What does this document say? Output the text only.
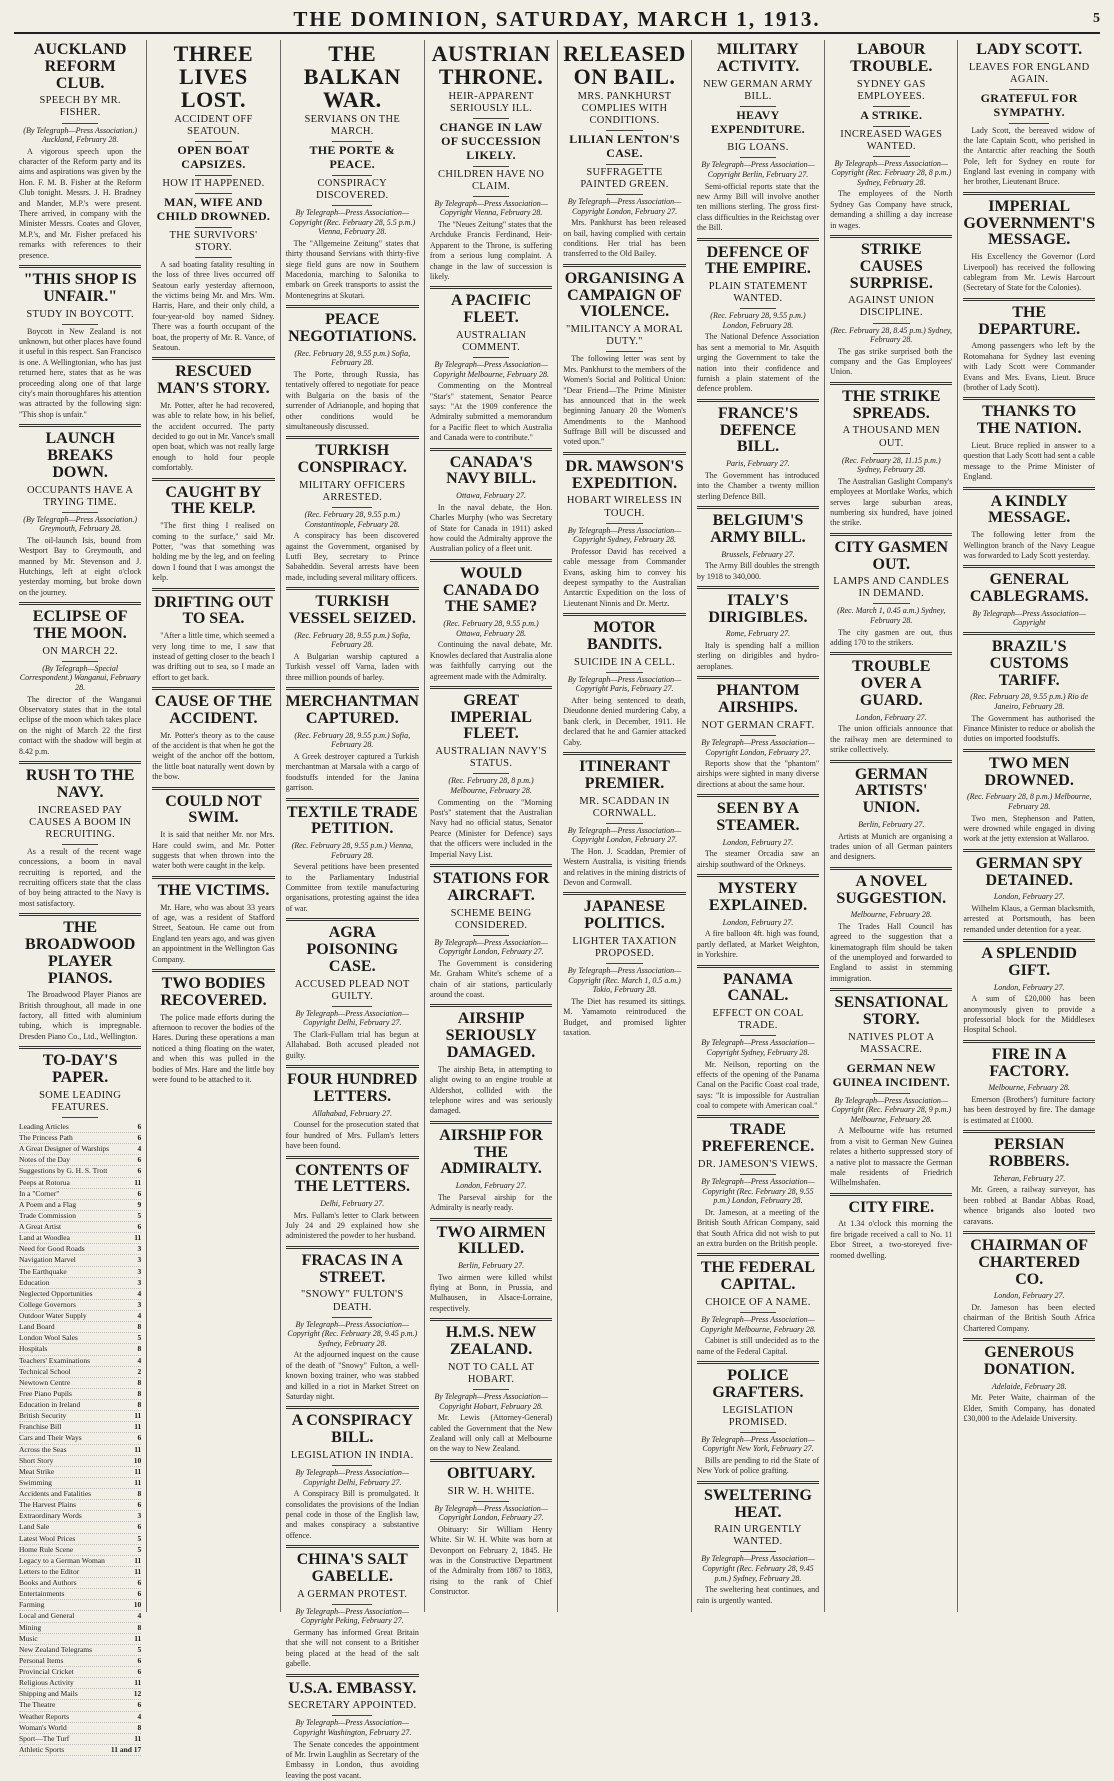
THE DOMINION, SATURDAY, MARCH 1, 1913.	5
AUCKLAND REFORM CLUB.
SPEECH BY MR. FISHER.
(By Telegraph—Press Association.) Auckland, February 28.

A vigorous speech upon the character of the Reform party and its aims and aspirations was given by the Hon. F. M. B. Fisher at the Reform Club tonight. Messrs. J. H. Bradney and Mander, M.P.'s were present. There arrived, in company with the Minister Messrs. Coates and Glover, M.P.'s, and Mr. Fisher prefaced his remarks with references to their presence.

"THIS SHOP IS UNFAIR."
STUDY IN BOYCOTT.

Boycott in New Zealand is not unknown, but other places have found it useful in this respect. San Francisco is one. A Wellingtonian, who has just returned here, states that as he was proceeding along one of that large city's main thoroughfares his attention was attracted by the following sign: "This shop is unfair."

LAUNCH BREAKS DOWN.
OCCUPANTS HAVE A TRYING TIME.
(By Telegraph—Press Association.) Greymouth, February 28.

The oil-launch Isis, bound from Westport Bay to Greymouth, and manned by Mr. Stevenson and J. Hutchings, left at eight o'clock yesterday morning, but broke down on the journey.

ECLIPSE OF THE MOON.
ON MARCH 22.
(By Telegraph—Special Correspondent.) Wanganui, February 28.

The director of the Wanganui Observatory states that in the total eclipse of the moon which takes place on the night of March 22 the first contact with the shadow will begin at 8.42 p.m.

RUSH TO THE NAVY.
INCREASED PAY CAUSES A BOOM IN RECRUITING.

As a result of the recent wage concessions, a boom in naval recruiting is reported, and the recruiting officers state that the class of boy being attracted to the Navy is most satisfactory.

THE BROADWOOD PLAYER PIANOS.

The Broadwood Player Pianos are British throughout, all made in one factory, all fitted with aluminium tubing, which is impregnable. Dresden Piano Co., Ltd., Wellington.

TO-DAY'S PAPER.
SOME LEADING FEATURES.
Leading Articles	6
The Princess Path	6
A Great Designer of Warships	4
Notes of the Day	6
Suggestions by G. H. S. Trott	6
Peeps at Rotorua	11
In a "Corner"	6
A Poem and a Flag	9
Trade Commission	5
A Great Artist	6
Land at Woodlea	11
Need for Good Roads	3
Navigation Marvel	3
The Earthquake	3
Education	3
Neglected Opportunities	4
College Governors	3
Outdoor Water Supply	4
Land Board	8
London Wool Sales	5
Hospitals	8
Teachers' Examinations	4
Technical School	2
Newtown Centre	8
Free Piano Pupils	8
Education in Ireland	8
British Security	11
Franchise Bill	11
Cars and Their Ways	6
Across the Seas	11
Short Story	10
Meat Strike	11
Swimming	11
Accidents and Fatalities	8
The Harvest Plains	6
Extraordinary Words	3
Land Sale	6
Latest Wool Prices	5
Home Rule Scene	5
Legacy to a German Woman	11
Letters to the Editor	11
Books and Authors	6
Entertainments	6
Farming	10
Local and General	4
Mining	8
Music	11
New Zealand Telegrams	5
Personal Items	6
Provincial Cricket	6
Religious Activity	11
Shipping and Mails	12
The Theatre	6
Weather Reports	4
Woman's World	8
Sport—The Turf	11
Athletic Sports	11 and 17
THREE LIVES LOST.
ACCIDENT OFF SEATOUN.
OPEN BOAT CAPSIZES.
HOW IT HAPPENED.
MAN, WIFE AND CHILD DROWNED.
THE SURVIVORS' STORY.

A sad boating fatality resulting in the loss of three lives occurred off Seatoun early yesterday afternoon, the victims being Mr. and Mrs. Wm. Harris, Hare, and their only child, a four-year-old boy named Sidney. There was a fourth occupant of the boat, the property of Mr. R. Vance, of Seatoun.

RESCUED MAN'S STORY.

Mr. Potter, after he had recovered, was able to relate how, in his belief, the accident occurred. The party decided to go out in Mr. Vance's small open boat, which was not really large enough to hold four people comfortably.

CAUGHT BY THE KELP.

"The first thing I realised on coming to the surface," said Mr. Potter, "was that something was holding me by the leg, and on feeling down I found that I was amongst the kelp.

DRIFTING OUT TO SEA.

"After a little time, which seemed a very long time to me, I saw that instead of getting closer to the beach I was drifting out to sea, so I made an effort to get back.

CAUSE OF THE ACCIDENT.

Mr. Potter's theory as to the cause of the accident is that when he got the weight of the anchor off the bottom, the little boat naturally went down by the bow.

COULD NOT SWIM.

It is said that neither Mr. nor Mrs. Hare could swim, and Mr. Potter suggests that when thrown into the water both were caught in the kelp.

THE VICTIMS.

Mr. Hare, who was about 33 years of age, was a resident of Stafford Street, Seatoun. He came out from England ten years ago, and was given an appointment in the Wellington Gas Company.

TWO BODIES RECOVERED.

The police made efforts during the afternoon to recover the bodies of the Hares. During these operations a man noticed a thing floating on the water, and when this was pulled in the bodies of Mrs. Hare and the little boy were found to be attached to it.

THE BALKAN WAR.
SERVIANS ON THE MARCH.
THE PORTE & PEACE.
CONSPIRACY DISCOVERED.
By Telegraph—Press Association—Copyright (Rec. February 28, 5.5 p.m.) Vienna, February 28.

The "Allgemeine Zeitung" states that thirty thousand Servians with thirty-five siege field guns are now in Southern Macedonia, marching to Salonika to embark on Greek transports to assist the Montenegrins at Skutari.

PEACE NEGOTIATIONS.
(Rec. February 28, 9.55 p.m.) Sofia, February 28.

The Porte, through Russia, has tentatively offered to negotiate for peace with Bulgaria on the basis of the surrender of Adrianople, and hoping that other conditions would be simultaneously discussed.

TURKISH CONSPIRACY.
MILITARY OFFICERS ARRESTED.
(Rec. February 28, 9.55 p.m.) Constantinople, February 28.

A conspiracy has been discovered against the Government, organised by Lutfi Bey, secretary to Prince Sabaheddin. Several arrests have been made, including several military officers.

TURKISH VESSEL SEIZED.
(Rec. February 28, 9.55 p.m.) Sofia, February 28.

A Bulgarian warship captured a Turkish vessel off Varna, laden with three million pounds of barley.

MERCHANTMAN CAPTURED.
(Rec. February 28, 9.55 p.m.) Sofia, February 28.

A Greek destroyer captured a Turkish merchantman at Marsala with a cargo of foodstuffs intended for the Janina garrison.

TEXTILE TRADE PETITION.
(Rec. February 28, 9.55 p.m.) Vienna, February 28.

Several petitions have been presented to the Parliamentary Industrial Committee from textile manufacturing organisations, protesting against the idea of war.

AGRA POISONING CASE.
ACCUSED PLEAD NOT GUILTY.
By Telegraph—Press Association—Copyright Delhi, February 27.

The Clark-Fullam trial has begun at Allahabad. Both accused pleaded not guilty.

FOUR HUNDRED LETTERS.
Allahabad, February 27.

Counsel for the prosecution stated that four hundred of Mrs. Fullam's letters have been found.

CONTENTS OF THE LETTERS.
Delhi, February 27.

Mrs. Fullam's letter to Clark between July 24 and 29 explained how she administered the powder to her husband.

FRACAS IN A STREET.
"SNOWY" FULTON'S DEATH.
By Telegraph—Press Association—Copyright (Rec. February 28, 9.45 p.m.) Sydney, February 28.

At the adjourned inquest on the cause of the death of "Snowy" Fulton, a well-known boxing trainer, who was stabbed and killed in a riot in Market Street on Saturday night.

A CONSPIRACY BILL.
LEGISLATION IN INDIA.
By Telegraph—Press Association—Copyright Delhi, February 27.

A Conspiracy Bill is promulgated. It consolidates the provisions of the Indian penal code in those of the English law, and makes conspiracy a substantive offence.

CHINA'S SALT GABELLE.
A GERMAN PROTEST.
By Telegraph—Press Association—Copyright Peking, February 27.

Germany has informed Great Britain that she will not consent to a Britisher being placed at the head of the salt gabelle.

U.S.A. EMBASSY.
SECRETARY APPOINTED.
By Telegraph—Press Association—Copyright Washington, February 27.

The Senate concedes the appointment of Mr. Irwin Laughlin as Secretary of the Embassy in London, thus avoiding leaving the post vacant.

AUSTRIAN THRONE.
HEIR-APPARENT SERIOUSLY ILL.
CHANGE IN LAW OF SUCCESSION LIKELY.
CHILDREN HAVE NO CLAIM.
By Telegraph—Press Association—Copyright Vienna, February 28.

The "Neues Zeitung" states that the Archduke Francis Ferdinand, Heir-Apparent to the Throne, is suffering from a serious lung complaint. A change in the law of succession is likely.

A PACIFIC FLEET.
AUSTRALIAN COMMENT.
By Telegraph—Press Association—Copyright Melbourne, February 28.

Commenting on the Montreal "Star's" statement, Senator Pearce says: "At the 1909 conference the Admiralty submitted a memorandum for a Pacific fleet to which Australia and Canada were to contribute."

CANADA'S NAVY BILL.
Ottawa, February 27.

In the naval debate, the Hon. Charles Murphy (who was Secretary of State for Canada in 1911) asked how could the Admiralty approve the Australian policy of a fleet unit.

WOULD CANADA DO THE SAME?
(Rec. February 28, 9.55 p.m.) Ottawa, February 28.

Continuing the naval debate, Mr. Knowles declared that Australia alone was faithfully carrying out the agreement made with the Admiralty.

GREAT IMPERIAL FLEET.
AUSTRALIAN NAVY'S STATUS.
(Rec. February 28, 8 p.m.) Melbourne, February 28.

Commenting on the "Morning Post's" statement that the Australian Navy had no official status, Senator Pearce (Minister for Defence) says that the officers were included in the Imperial Navy List.

STATIONS FOR AIRCRAFT.
SCHEME BEING CONSIDERED.
By Telegraph—Press Association—Copyright London, February 27.

The Government is considering Mr. Graham White's scheme of a chain of air stations, particularly around the coast.

AIRSHIP SERIOUSLY DAMAGED.

The airship Beta, in attempting to alight owing to an engine trouble at Aldershot, collided with the telephone wires and was seriously damaged.

AIRSHIP FOR THE ADMIRALTY.
London, February 27.

The Parseval airship for the Admiralty is nearly ready.

TWO AIRMEN KILLED.
Berlin, February 27.

Two airmen were killed whilst flying at Bonn, in Prussia, and Mulhausen, in Alsace-Lorraine, respectively.

H.M.S. NEW ZEALAND.
NOT TO CALL AT HOBART.
By Telegraph—Press Association—Copyright Hobart, February 28.

Mr. Lewis (Attorney-General) cabled the Government that the New Zealand will only call at Melbourne on the way to New Zealand.

OBITUARY.
SIR W. H. WHITE.
By Telegraph—Press Association—Copyright London, February 27.

Obituary: Sir William Henry White. Sir W. H. White was born at Devonport on February 2, 1845. He was in the Constructive Department of the Admiralty from 1867 to 1883, rising to the rank of Chief Constructor.

RELEASED ON BAIL.
MRS. PANKHURST COMPLIES WITH CONDITIONS.
LILIAN LENTON'S CASE.
SUFFRAGETTE PAINTED GREEN.
By Telegraph—Press Association—Copyright London, February 27.

Mrs. Pankhurst has been released on bail, having complied with certain conditions. Her trial has been transferred to the Old Bailey.

ORGANISING A CAMPAIGN OF VIOLENCE.
"MILITANCY A MORAL DUTY."

The following letter was sent by Mrs. Pankhurst to the members of the Women's Social and Political Union: "Dear Friend—The Prime Minister has announced that in the week beginning January 20 the Women's Amendments to the Manhood Suffrage Bill will be discussed and voted upon."

DR. MAWSON'S EXPEDITION.
HOBART WIRELESS IN TOUCH.
By Telegraph—Press Association—Copyright Sydney, February 28.

Professor David has received a cable message from Commander Evans, asking him to convey his deepest sympathy to the Australian Antarctic Expedition on the loss of Lieutenant Ninnis and Dr. Mertz.

MOTOR BANDITS.
SUICIDE IN A CELL.
By Telegraph—Press Association—Copyright Paris, February 27.

After being sentenced to death, Dieudonne denied murdering Caby, a bank clerk, in December, 1911. He declared that he and Garnier attacked Caby.

ITINERANT PREMIER.
MR. SCADDAN IN CORNWALL.
By Telegraph—Press Association—Copyright London, February 27.

The Hon. J. Scaddan, Premier of Western Australia, is visiting friends and relatives in the mining districts of Devon and Cornwall.

JAPANESE POLITICS.
LIGHTER TAXATION PROPOSED.
By Telegraph—Press Association—Copyright (Rec. March 1, 0.5 a.m.) Tokio, February 28.

The Diet has resumed its sittings. M. Yamamoto reintroduced the Budget, and promised lighter taxation.

MILITARY ACTIVITY.
NEW GERMAN ARMY BILL.
HEAVY EXPENDITURE.
BIG LOANS.
By Telegraph—Press Association—Copyright Berlin, February 27.

Semi-official reports state that the new Army Bill will involve another ten millions sterling. The gross first-class difficulties in the Reichstag over the Bill.

DEFENCE OF THE EMPIRE.
PLAIN STATEMENT WANTED.
(Rec. February 28, 9.55 p.m.) London, February 28.

The National Defence Association has sent a memorial to Mr. Asquith urging the Government to take the nation into their confidence and furnish a plain statement of the defence problem.

FRANCE'S DEFENCE BILL.
Paris, February 27.

The Government has introduced into the Chamber a twenty million sterling Defence Bill.

BELGIUM'S ARMY BILL.
Brussels, February 27.

The Army Bill doubles the strength by 1918 to 340,000.

ITALY'S DIRIGIBLES.
Rome, February 27.

Italy is spending half a million sterling on dirigibles and hydro-aeroplanes.

PHANTOM AIRSHIPS.
NOT GERMAN CRAFT.
By Telegraph—Press Association—Copyright London, February 27.

Reports show that the "phantom" airships were sighted in many diverse directions at about the same hour.

SEEN BY A STEAMER.
London, February 27.

The steamer Orcadia saw an airship southward of the Orkneys.

MYSTERY EXPLAINED.
London, February 27.

A fire balloon 4ft. high was found, partly deflated, at Market Weighton, in Yorkshire.

PANAMA CANAL.
EFFECT ON COAL TRADE.
By Telegraph—Press Association—Copyright Sydney, February 28.

Mr. Neilson, reporting on the effects of the opening of the Panama Canal on the Pacific Coast coal trade, says: "It is impossible for Australian coal to compete with American coal."

TRADE PREFERENCE.
DR. JAMESON'S VIEWS.
By Telegraph—Press Association—Copyright (Rec. February 28, 9.55 p.m.) London, February 28.

Dr. Jameson, at a meeting of the British South African Company, said that South Africa did not wish to put an extra burden on the British people.

THE FEDERAL CAPITAL.
CHOICE OF A NAME.
By Telegraph—Press Association—Copyright Melbourne, February 28.

Cabinet is still undecided as to the name of the Federal Capital.

POLICE GRAFTERS.
LEGISLATION PROMISED.
By Telegraph—Press Association—Copyright New York, February 27.

Bills are pending to rid the State of New York of police grafting.

SWELTERING HEAT.
RAIN URGENTLY WANTED.
By Telegraph—Press Association—Copyright (Rec. February 28, 9.45 p.m.) Sydney, February 28.

The sweltering heat continues, and rain is urgently wanted.

LABOUR TROUBLE.
SYDNEY GAS EMPLOYEES.
A STRIKE.
INCREASED WAGES WANTED.
By Telegraph—Press Association—Copyright (Rec. February 28, 8 p.m.) Sydney, February 28.

The employees of the North Sydney Gas Company have struck, demanding a shilling a day increase in wages.

STRIKE CAUSES SURPRISE.
AGAINST UNION DISCIPLINE.
(Rec. February 28, 8.45 p.m.) Sydney, February 28.

The gas strike surprised both the company and the Gas Employees' Union.

THE STRIKE SPREADS.
A THOUSAND MEN OUT.
(Rec. February 28, 11.15 p.m.) Sydney, February 28.

The Australian Gaslight Company's employees at Mortlake Works, which serves large suburban areas, numbering six hundred, have joined the strike.

CITY GASMEN OUT.
LAMPS AND CANDLES IN DEMAND.
(Rec. March 1, 0.45 a.m.) Sydney, February 28.

The city gasmen are out, thus adding 170 to the strikers.

TROUBLE OVER A GUARD.
London, February 27.

The union officials announce that the railway men are determined to strike collectively.

GERMAN ARTISTS' UNION.
Berlin, February 27.

Artists at Munich are organising a trades union of all German painters and designers.

A NOVEL SUGGESTION.
Melbourne, February 28.

The Trades Hall Council has agreed to the suggestion that a kinematograph film should be taken of the unemployed and forwarded to England to assist in stemming immigration.

SENSATIONAL STORY.
NATIVES PLOT A MASSACRE.
GERMAN NEW GUINEA INCIDENT.
By Telegraph—Press Association—Copyright (Rec. February 28, 9 p.m.) Melbourne, February 28.

A Melbourne wife has returned from a visit to German New Guinea relates a hitherto suppressed story of a native plot to massacre the German male residents of Friedrich Wilhelmshafen.

CITY FIRE.

At 1.34 o'clock this morning the fire brigade received a call to No. 11 Ebor Street, a two-storeyed five-roomed dwelling.

LADY SCOTT.
LEAVES FOR ENGLAND AGAIN.
GRATEFUL FOR SYMPATHY.

Lady Scott, the bereaved widow of the late Captain Scott, who perished in the Antarctic after reaching the South Pole, left for Sydney en route for England last evening in company with her brother, Lieutenant Bruce.

IMPERIAL GOVERNMENT'S MESSAGE.

His Excellency the Governor (Lord Liverpool) has received the following cablegram from Mr. Lewis Harcourt (Secretary of State for the Colonies).

THE DEPARTURE.

Among passengers who left by the Rotomahana for Sydney last evening with Lady Scott were Commander Evans and Mrs. Evans, Lieut. Bruce (brother of Lady Scott).

THANKS TO THE NATION.

Lieut. Bruce replied in answer to a question that Lady Scott had sent a cable message to the Prime Minister of England.

A KINDLY MESSAGE.

The following letter from the Wellington branch of the Navy League was forwarded to Lady Scott yesterday.

GENERAL CABLEGRAMS.
By Telegraph—Press Association—Copyright
BRAZIL'S CUSTOMS TARIFF.
(Rec. February 28, 9.55 p.m.) Rio de Janeiro, February 28.

The Government has authorised the Finance Minister to reduce or abolish the duties on imported foodstuffs.

TWO MEN DROWNED.
(Rec. February 28, 8 p.m.) Melbourne, February 28.

Two men, Stephenson and Patten, were drowned while engaged in diving work at the jetty extension at Wallaroo.

GERMAN SPY DETAINED.
London, February 27.

Wilhelm Klaus, a German blacksmith, arrested at Portsmouth, has been remanded under detention for a year.

A SPLENDID GIFT.
London, February 27.

A sum of £20,000 has been anonymously given to provide a professorial block for the Middlesex Hospital School.

FIRE IN A FACTORY.
Melbourne, February 28.

Emerson (Brothers') furniture factory has been destroyed by fire. The damage is estimated at £1000.

PERSIAN ROBBERS.
Teheran, February 27.

Mr. Green, a railway surveyor, has been robbed at Bandar Abbas Road, whence brigands also looted two caravans.

CHAIRMAN OF CHARTERED CO.
London, February 27.

Dr. Jameson has been elected chairman of the British South Africa Chartered Company.

GENEROUS DONATION.
Adelaide, February 28.

Mr. Peter Waite, chairman of the Elder, Smith Company, has donated £30,000 to the Adelaide University.
